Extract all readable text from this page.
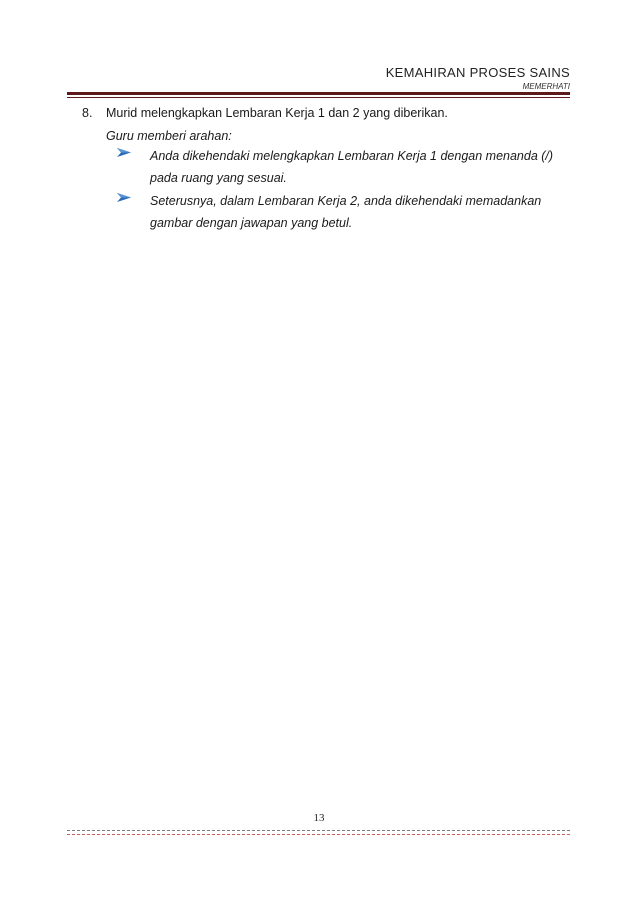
KEMAHIRAN PROSES SAINS
MEMERHATI
8. Murid melengkapkan Lembaran Kerja 1 dan 2 yang diberikan.
Guru memberi arahan:
Anda dikehendaki melengkapkan Lembaran Kerja 1 dengan menanda (/)
pada ruang yang sesuai.
Seterusnya, dalam Lembaran Kerja 2, anda dikehendaki memadankan
gambar dengan jawapan yang betul.
13
